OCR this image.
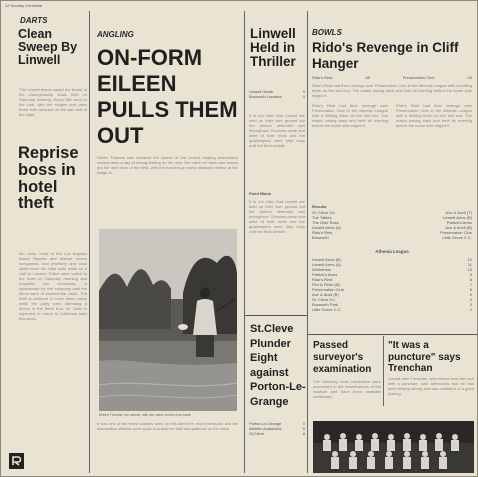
12 Sunday Chronicle
DARTS
Clean Sweep By Linwell
The Linwell teams swept the board at the championship finals held on Saturday evening. Every title went to the club, with the singles and pairs finals both decided on the last dart of the night.
Reprise boss in hotel theft
Mo Ostin, head of the Los Angeles based Reprise and Warner record companies, had jewellery and cash stolen from his hotel suite while on a visit to London. Police were called to the hotel on Saturday morning and enquiries are continuing. A spokesman for the company said the items were of sentimental value. The theft is believed to have taken place while the party were attending a dinner in the West End. Mr Ostin is expected to return to California later this week.
ANGLING
ON-FORM EILEEN PULLS THEM OUT
Eileen Thomas was declared the winner of the Linwell Angling Association contest after a day of steady fishing on the river. Her catch of roach and bream put her well clear of the field, with the runners-up some distance behind at the weigh-in.
Eileen Thomas, the winner, with her catch on the river bank
It was one of the finest catches seen on this stretch in recent seasons and the association officials were quick to praise her skill and patience on the bank.
Linwell Held in Thriller
Linwell Heath	0
Bosworth Lunatics	0
It is not often that Linwell are held on their own ground but the visitors defended well throughout. Chances came and went at both ends and the goalkeepers were kept busy until the final whistle.
Point Blank
It is not often that Linwell are held on their own ground but the visitors defended well throughout. Chances came and went at both ends and the goalkeepers were kept busy until the final whistle.
St.Cleve Plunder Eight against Porton-Le-Grange
Porton-Le-Grange	0
Athletic Anabiotics	0
St.Cleve	8
BOWLS
Rido's Revenge in Cliff Hanger
Rido's Rest	48	Preservation Club	44
Rido's Rest had their revenge over Preservation Club in the Athenia League with a thrilling finish on the last end. The match swung back and forth all evening before the home side edged it.
Rido's Rest had their revenge over Preservation Club in the Athenia League with a thrilling finish on the last end. The match swung back and forth all evening before the home side edged it.
Rido's Rest had their revenge over Preservation Club in the Athenia League with a thrilling finish on the last end. The match swung back and forth all evening before the home side edged it.
Results
St. Cleve Co.	Axe & Anvil (T)
The Tatties	Linwell Arms (B)
The Olde Rose	Patrick's Arms
Linwell Arms (A)	Axe & Anvil (B)
Rido's Rest	Preservation Club
Bosworth	Little Grove C.C.
Athenia League
Linwell Arms (B)	12
Linwell Arms (A)	11
Whitefriars	10
Patrick's Arms	9
Rido's Rest	8
Pint & Firkin (B)	7
Preservation Club	6
Axe & Anvil (B)	5
St. Cleve Co.	4
Bosworth Park	3
Little Grove C.C.	2
Passed surveyor's examination
The following local candidates were successful in the examinations of the Institute and have been awarded certificates.
"It was a puncture" says Trenchan
Linwell rider Trenchan, who retired from the race with a puncture, said afterwards that he had been feeling strong and was confident of a good placing.
